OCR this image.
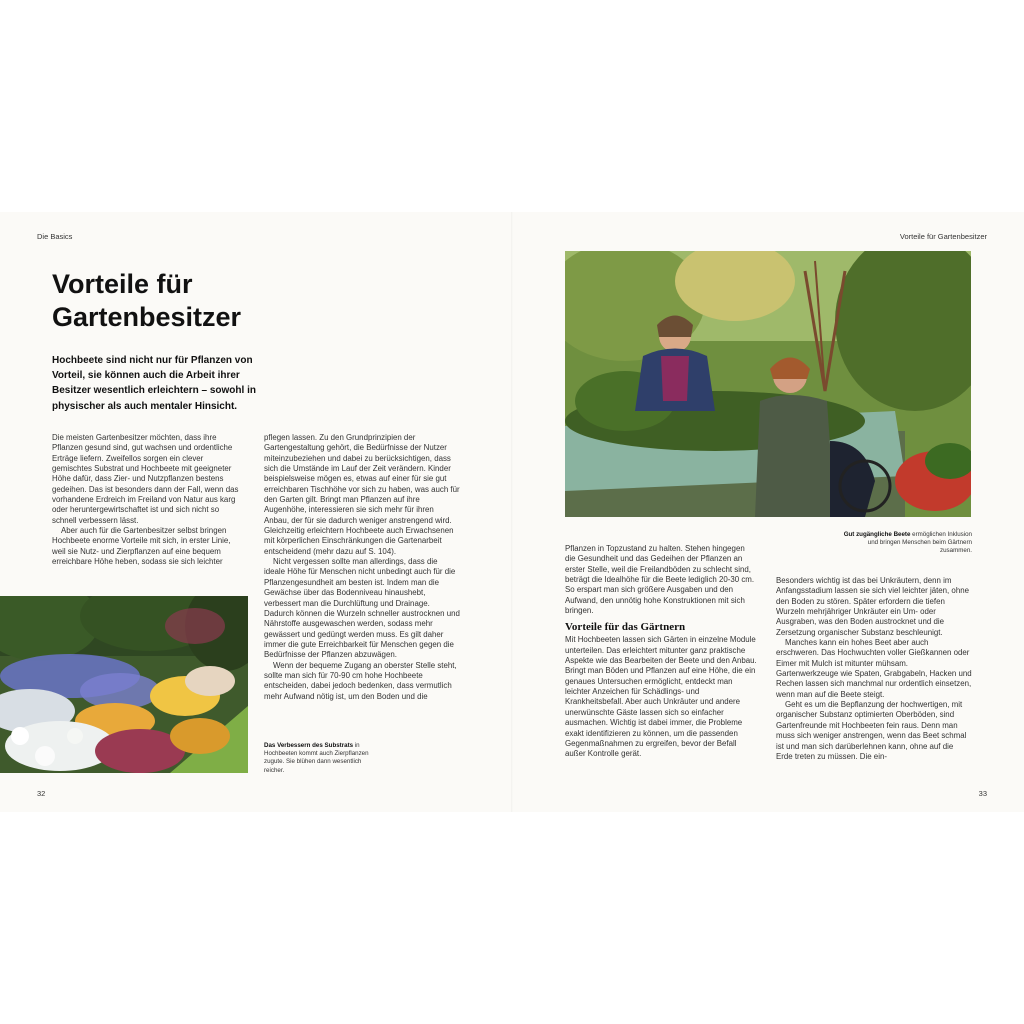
Die Basics
Vorteile für
Gartenbesitzer

Hochbeete sind nicht nur für Pflanzen von Vorteil, sie können auch die Arbeit ihrer Besitzer wesentlich erleichtern – sowohl in physischer als auch mentaler Hinsicht.

Die meisten Gartenbesitzer möchten, dass ihre Pflanzen gesund sind, gut wachsen und ordentliche Erträge liefern. Zweifellos sorgen ein clever gemischtes Substrat und Hochbeete mit geeigneter Höhe dafür, dass Zier- und Nutzpflanzen bestens gedeihen. Das ist besonders dann der Fall, wenn das vorhandene Erdreich im Freiland von Natur aus karg oder heruntergewirtschaftet ist und sich nicht so schnell verbessern lässt.

Aber auch für die Gartenbesitzer selbst bringen Hochbeete enorme Vorteile mit sich, in erster Linie, weil sie Nutz- und Zierpflanzen auf eine bequem erreichbare Höhe heben, sodass sie sich leichter

pflegen lassen. Zu den Grundprinzipien der Gartengestaltung gehört, die Bedürfnisse der Nutzer miteinzubeziehen und dabei zu berücksichtigen, dass sich die Umstände im Lauf der Zeit verändern. Kinder beispielsweise mögen es, etwas auf einer für sie gut erreichbaren Tischhöhe vor sich zu haben, was auch für den Garten gilt. Bringt man Pflanzen auf ihre Augenhöhe, interessieren sie sich mehr für ihren Anbau, der für sie dadurch weniger anstrengend wird. Gleichzeitig erleichtern Hochbeete auch Erwachsenen mit körperlichen Einschränkungen die Gartenarbeit entscheidend (mehr dazu auf S. 104).

Nicht vergessen sollte man allerdings, dass die ideale Höhe für Menschen nicht unbedingt auch für die Pflanzengesundheit am besten ist. Indem man die Gewächse über das Bodenniveau hinaushebt, verbessert man die Durchlüftung und Drainage. Dadurch können die Wurzeln schneller austrocknen und Nährstoffe ausgewaschen werden, sodass mehr gewässert und gedüngt werden muss. Es gilt daher immer die gute Erreichbarkeit für Menschen gegen die Bedürfnisse der Pflanzen abzuwägen.

Wenn der bequeme Zugang an oberster Stelle steht, sollte man sich für 70-90 cm hohe Hochbeete entscheiden, dabei jedoch bedenken, dass vermutlich mehr Aufwand nötig ist, um den Boden und die

Das Verbessern des Substrats in Hochbeeten kommt auch Zierpflanzen zugute. Sie blühen dann wesentlich reicher.
32
Vorteile für Gartenbesitzer
Gut zugängliche Beete ermöglichen Inklusion und bringen Menschen beim Gärtnern zusammen.

Pflanzen in Topzustand zu halten. Stehen hingegen die Gesundheit und das Gedeihen der Pflanzen an erster Stelle, weil die Freilandböden zu schlecht sind, beträgt die Idealhöhe für die Beete lediglich 20-30 cm. So erspart man sich größere Ausgaben und den Aufwand, den unnötig hohe Konstruktionen mit sich bringen.

Vorteile für das Gärtnern

Mit Hochbeeten lassen sich Gärten in einzelne Module unterteilen. Das erleichtert mitunter ganz praktische Aspekte wie das Bearbeiten der Beete und den Anbau. Bringt man Böden und Pflanzen auf eine Höhe, die ein genaues Untersuchen ermöglicht, entdeckt man leichter Anzeichen für Schädlings- und Krankheitsbefall. Aber auch Unkräuter und andere unerwünschte Gäste lassen sich so einfacher ausmachen. Wichtig ist dabei immer, die Probleme exakt identifizieren zu können, um die passenden Gegenmaßnahmen zu ergreifen, bevor der Befall außer Kontrolle gerät.

Besonders wichtig ist das bei Unkräutern, denn im Anfangsstadium lassen sie sich viel leichter jäten, ohne den Boden zu stören. Später erfordern die tiefen Wurzeln mehrjähriger Unkräuter ein Um- oder Ausgraben, was den Boden austrocknet und die Zersetzung organischer Substanz beschleunigt.

Manches kann ein hohes Beet aber auch erschweren. Das Hochwuchten voller Gießkannen oder Eimer mit Mulch ist mitunter mühsam. Gartenwerkzeuge wie Spaten, Grabgabeln, Hacken und Rechen lassen sich manchmal nur ordentlich einsetzen, wenn man auf die Beete steigt.

Geht es um die Bepflanzung der hochwertigen, mit organischer Substanz optimierten Oberböden, sind Gartenfreunde mit Hochbeeten fein raus. Denn man muss sich weniger anstrengen, wenn das Beet schmal ist und man sich darüberlehnen kann, ohne auf die Erde treten zu müssen. Die ein-

33
